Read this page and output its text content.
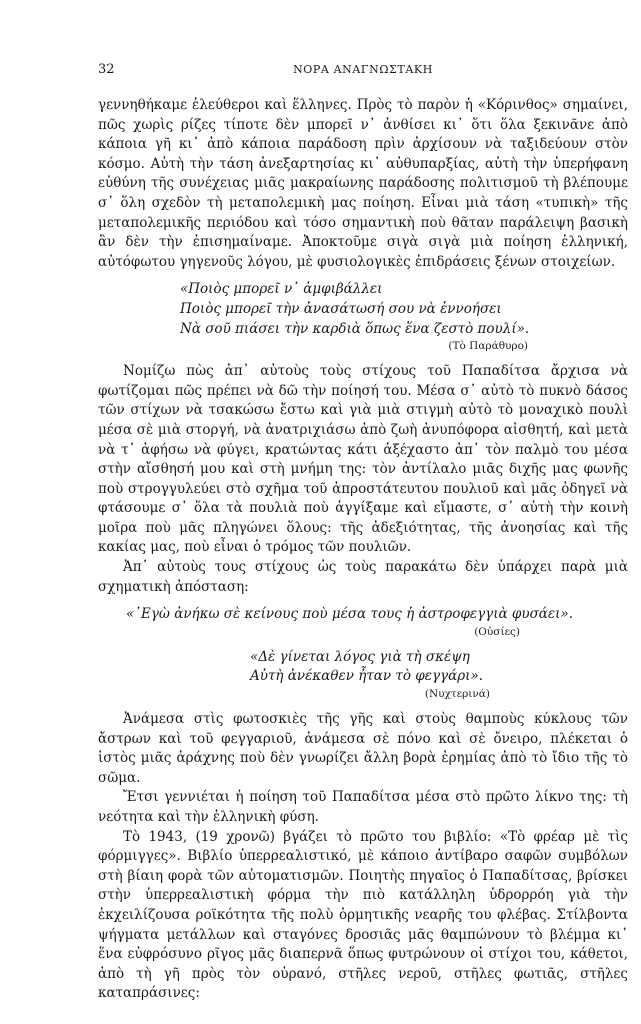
32	ΝΟΡΑ ΑΝΑΓΝΩΣΤΑΚΗ

γεννηθήκαμε ἐλεύθεροι καὶ ἕλληνες. Πρὸς τὸ παρὸν ἡ «Κόρινθος» σημαίνει, πῶς χωρὶς ρίζες τίποτε δὲν μπορεῖ ν᾿ ἀνθίσει κι᾿ ὅτι ὅλα ξεκινᾶνε ἀπὸ κάποια γῆ κι᾿ ἀπὸ κάποια παράδοση πρὶν ἀρχίσουν νὰ ταξιδεύουν στὸν κόσμο. Αὐτὴ τὴν τάση ἀνεξαρτησίας κι᾿ αὐθυπαρξίας, αὐτὴ τὴν ὑπερήφανη εὐθύνη τῆς συνέχειας μιᾶς μακραίωνης παράδοσης πολιτισμοῦ τὴ βλέπουμε σ᾿ ὅλη σχεδὸν τὴ μεταπολεμικὴ μας ποίηση. Εἶναι μιὰ τάση «τυπικὴ» τῆς μεταπολεμικῆς περιόδου καὶ τόσο σημαντικὴ ποὺ θᾶταν παράλειψη βασικὴ ἂν δὲν τὴν ἐπισημαίναμε. Ἀποκτοῦμε σιγὰ σιγὰ μιὰ ποίηση ἑλληνική, αὐτόφωτου γηγενοῦς λόγου, μὲ φυσιολογικὲς ἐπιδράσεις ξένων στοιχείων.

«Ποιὸς μπορεῖ ν᾿ ἀμφιβάλλει

Ποιὸς μπορεῖ τὴν ἀνασάτωσή σου νὰ ἐννοήσει

Νὰ σοῦ πιάσει τὴν καρδιὰ ὅπως ἕνα ζεστὸ πουλί».

(Τὸ Παράθυρο)

Νομίζω πὼς ἀπ᾿ αὐτοὺς τοὺς στίχους τοῦ Παπαδίτσα ἄρχισα νὰ φωτίζομαι πῶς πρέπει νὰ δῶ τὴν ποίησή του. Μέσα σ᾿ αὐτὸ τὸ πυκνὸ δάσος τῶν στίχων νὰ τσακώσω ἔστω καὶ γιὰ μιὰ στιγμὴ αὐτὸ τὸ μοναχικὸ πουλὶ μέσα σὲ μιὰ στοργή, νὰ ἀνατριχιάσω ἀπὸ ζωὴ ἀνυπόφορα αἰσθητή, καὶ μετὰ νὰ τ᾿ ἀφήσω νὰ φύγει, κρατώντας κάτι ἀξέχαστο ἀπ᾿ τὸν παλμὸ του μέσα στὴν αἴσθησή μου καὶ στὴ μνήμη της: τὸν ἀντίλαλο μιᾶς διχῆς μας φωνῆς ποὺ στρογγυλεύει στὸ σχῆμα τοῦ ἀπροστάτευτου πουλιοῦ καὶ μᾶς ὁδηγεῖ νὰ φτάσουμε σ᾿ ὅλα τὰ πουλιὰ ποὺ ἀγγίξαμε καὶ εἴμαστε, σ᾿ αὐτὴ τὴν κοινὴ μοῖρα ποὺ μᾶς πληγώνει ὅλους: τῆς ἀδεξιότητας, τῆς ἀνοησίας καὶ τῆς κακίας μας, ποὺ εἶναι ὁ τρόμος τῶν πουλιῶν.

Ἀπ᾿ αὐτοὺς τους στίχους ὡς τοὺς παρακάτω δὲν ὑπάρχει παρὰ μιὰ σχηματικὴ ἀπόσταση:

«᾿Εγὼ ἀνήκω σὲ κείνους ποὺ μέσα τους ἡ ἀστροφεγγιὰ φυσάει».

(Οὐσίες)

«Δὲ γίνεται λόγος γιὰ τὴ σκέψη

Αὐτὴ ἀνέκαθεν ἦταν τὸ φεγγάρι».

(Νυχτερινά)

Ἀνάμεσα στὶς φωτοσκιὲς τῆς γῆς καὶ στοὺς θαμποὺς κύκλους τῶν ἄστρων καὶ τοῦ φεγγαριοῦ, ἀνάμεσα σὲ πόνο καὶ σὲ ὄνειρο, πλέκεται ὁ ἱστὸς μιᾶς ἀράχνης ποὺ δὲν γνωρίζει ἄλλη βορὰ ἐρημίας ἀπὸ τὸ ἴδιο τῆς τὸ σῶμα.

Ἔτσι γεννιέται ἡ ποίηση τοῦ Παπαδίτσα μέσα στὸ πρῶτο λίκνο της: τὴ νεότητα καὶ τὴν ἑλληνικὴ φύση.

Τὸ 1943, (19 χρονῶ) βγάζει τὸ πρῶτο του βιβλίο: «Τὸ φρέαρ μὲ τὶς φόρμιγγες». Βιβλίο ὑπερρεαλιστικό, μὲ κάποιο ἀντίβαρο σαφῶν συμβόλων στὴ βίαιη φορὰ τῶν αὐτοματισμῶν. Ποιητὴς πηγαῖος ὁ Παπαδίτσας, βρίσκει στὴν ὑπερρεαλιστικὴ φόρμα τὴν πιὸ κατάλληλη ὑδρορρόη γιὰ τὴν ἐκχειλίζουσα ροϊκότητα τῆς πολὺ ὁρμητικῆς νεαρῆς του φλέβας. Στίλβοντα ψήγματα μετάλλων καὶ σταγόνες δροσιᾶς μᾶς θαμπώνουν τὸ βλέμμα κι᾿ ἕνα εὐφρόσυνο ρῖγος μᾶς διαπερνᾶ ὅπως φυτρώνουν οἱ στίχοι του, κάθετοι, ἀπὸ τὴ γῆ πρὸς τὸν οὐρανό, στῆλες νεροῦ, στῆλες φωτιᾶς, στῆλες καταπράσινες:
